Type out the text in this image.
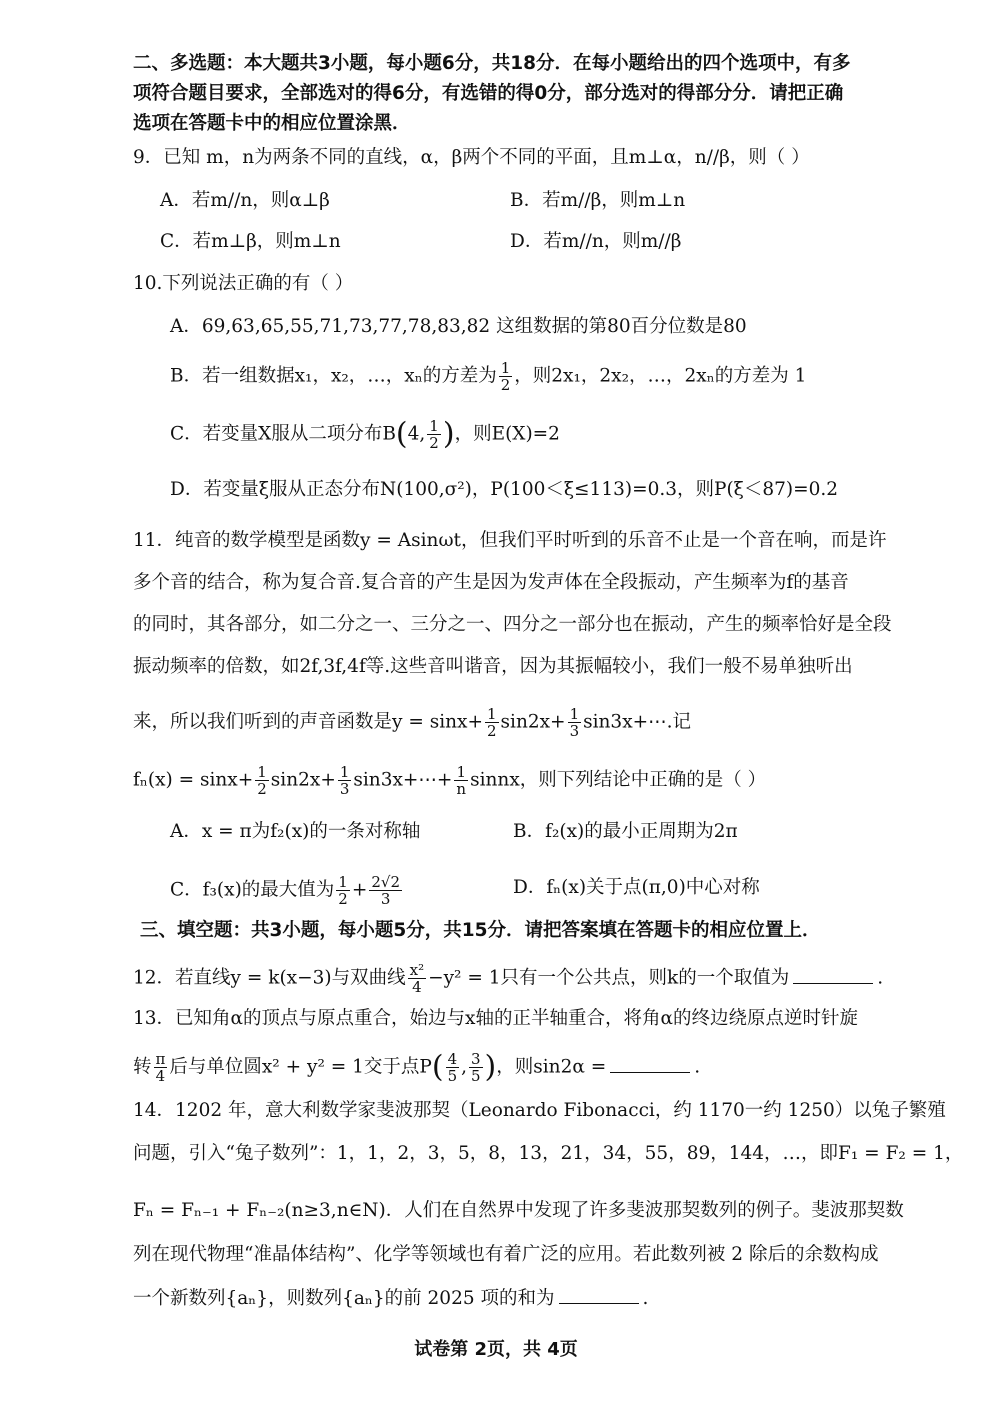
二、多选题：本大题共3小题，每小题6分，共18分．在每小题给出的四个选项中，有多
项符合题目要求，全部选对的得6分，有选错的得0分，部分选对的得部分分．请把正确
选项在答题卡中的相应位置涂黑．
9．已知 m，n为两条不同的直线，α，β两个不同的平面，且m⊥α，n//β，则（ ）
A．若m//n，则α⊥β	B．若m//β，则m⊥n
C．若m⊥β，则m⊥n	D．若m//n，则m//β
10.下列说法正确的有（ ）
A．69,63,65,55,71,73,77,78,83,82 这组数据的第80百分位数是80
B．若一组数据x₁，x₂，…，xₙ的方差为 $\frac{1}{2}$ ，则2x₁，2x₂，…，2xₙ的方差为 1
C．若变量X服从二项分布B(4, $\frac{1}{2}$ )，则E(X)=2
D．若变量ξ服从正态分布N(100,σ²)，P(100＜ξ≤113)=0.3，则P(ξ＜87)=0.2
11．纯音的数学模型是函数y = Asinωt，但我们平时听到的乐音不止是一个音在响，而是许
多个音的结合，称为复合音.复合音的产生是因为发声体在全段振动，产生频率为f的基音
的同时，其各部分，如二分之一、三分之一、四分之一部分也在振动，产生的频率恰好是全段
振动频率的倍数，如2f,3f,4f等.这些音叫谐音，因为其振幅较小，我们一般不易单独听出
来，所以我们听到的声音函数是$y = \sin x+ \frac{1}{2} \sin 2x+ \frac{1}{3}$ sin3x+⋯.记
$f_n(x) = \sin x+ \frac{1}{2} \sin 2x+ \frac{1}{3}$ sin3x+⋯+ $\frac{1}{n}$ sinnx，则下列结论中正确的是（ ）
A．x = π为f₂(x)的一条对称轴	B．f₂(x)的最小正周期为2π
C．f₃(x)的最大值为 $\frac{1}{2} + \frac{2√2}{3}$	D．fₙ(x)关于点(π,0)中心对称
三、填空题：共3小题，每小题5分，共15分．请把答案填在答题卡的相应位置上．
12．若直线y = k(x−3)与双曲线 $\frac{\text{x²}}{4} -y^2 = 1$只有一个公共点，则k的一个取值为	.
13．已知角α的顶点与原点重合，始边与x轴的正半轴重合，将角α的终边绕原点逆时针旋
转 $\frac{\pi}{4}$ 后与单位圆x² + y² = 1交于点$P( \frac{4}{5}$ , $\frac{3}{5}$ )，则sin2α =	.
14．1202 年，意大利数学家斐波那契（Leonardo Fibonacci，约 1170一约 1250）以兔子繁殖
问题，引入“兔子数列”：1，1，2，3，5，8，13，21，34，55，89，144，…，即F₁ = F₂ = 1，
Fₙ = Fₙ₋₁ + Fₙ₋₂(n≥3,n∈N)．人们在自然界中发现了许多斐波那契数列的例子。斐波那契数
列在现代物理“准晶体结构”、化学等领域也有着广泛的应用。若此数列被 2 除后的余数构成
一个新数列{aₙ}，则数列{aₙ}的前 2025 项的和为	.
试卷第 2页，共 4页
